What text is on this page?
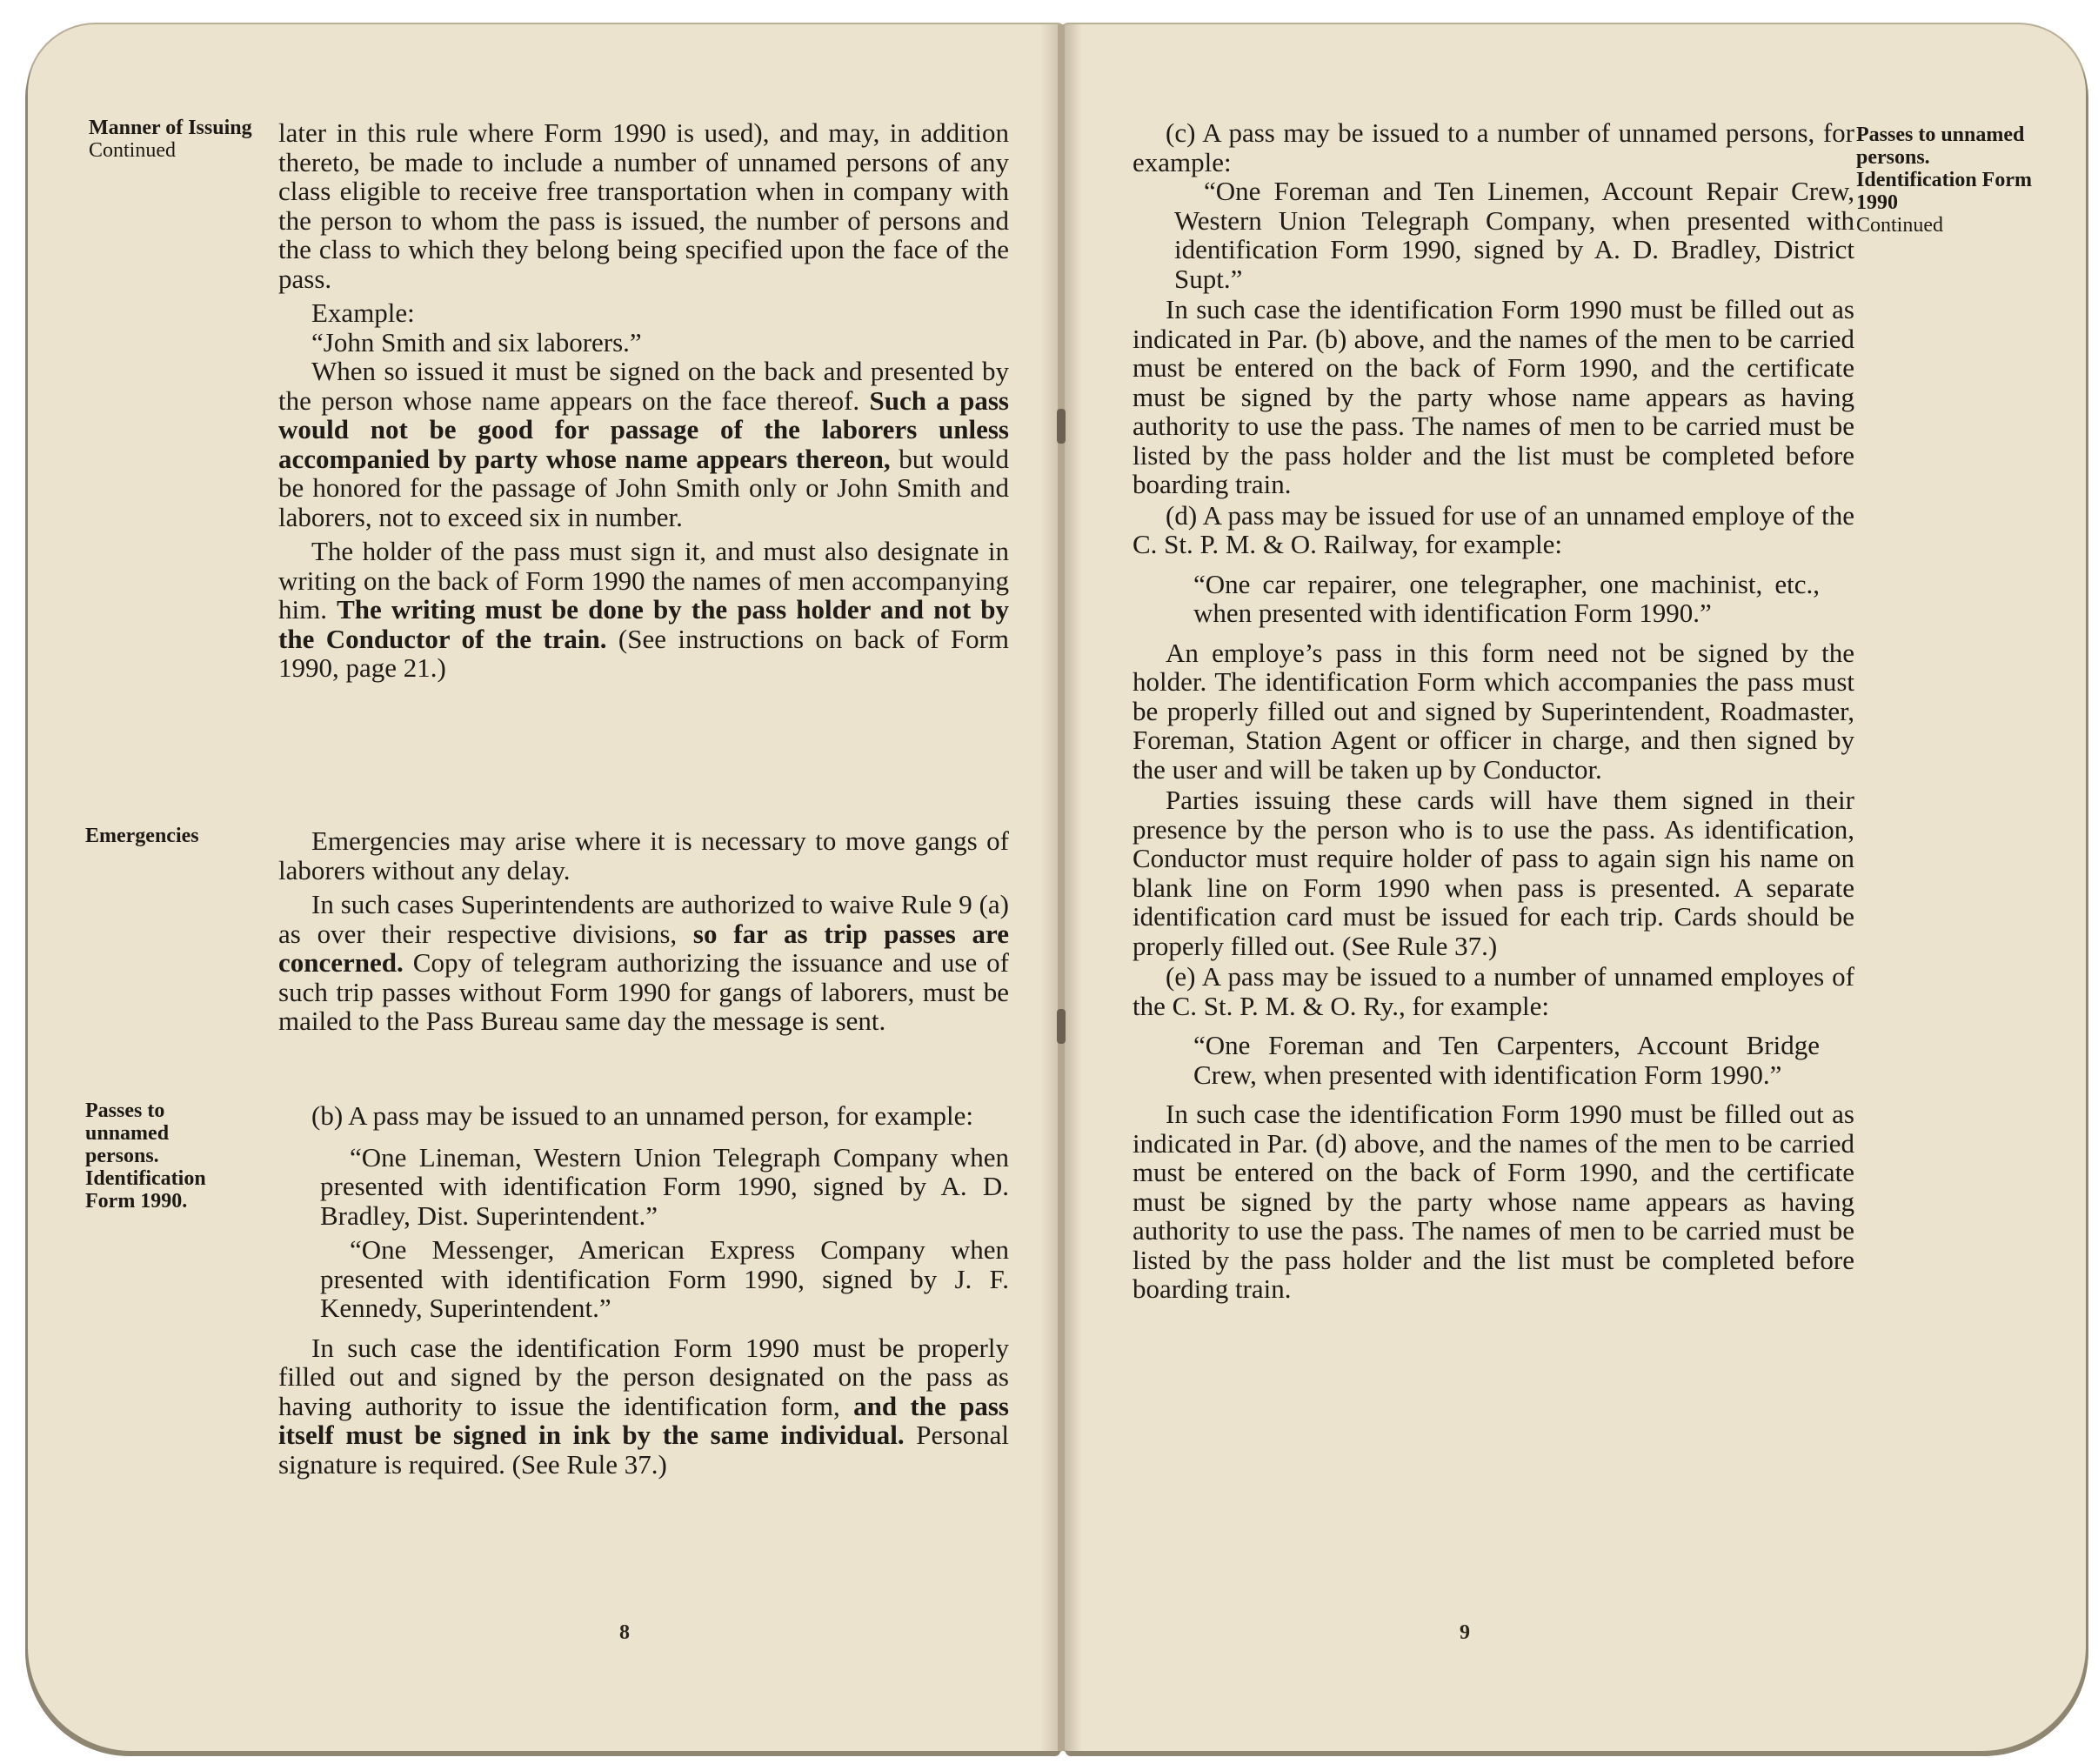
Manner of Issuing
Continued
Emergencies
Passes to unnamed persons. Identification Form 1990.

later in this rule where Form 1990 is used), and may, in addition thereto, be made to include a number of unnamed persons of any class eligible to receive free transportation when in company with the person to whom the pass is issued, the number of persons and the class to which they belong being specified upon the face of the pass.

Example:

“John Smith and six laborers.”

When so issued it must be signed on the back and presented by the person whose name appears on the face thereof. Such a pass would not be good for passage of the laborers unless accompanied by party whose name appears thereon, but would be honored for the passage of John Smith only or John Smith and laborers, not to exceed six in number.

The holder of the pass must sign it, and must also designate in writing on the back of Form 1990 the names of men accompanying him. The writing must be done by the pass holder and not by the Conductor of the train. (See instructions on back of Form 1990, page 21.)

Emergencies may arise where it is necessary to move gangs of laborers without any delay.

In such cases Superintendents are authorized to waive Rule 9 (a) as over their respective divisions, so far as trip passes are concerned. Copy of telegram authorizing the issuance and use of such trip passes without Form 1990 for gangs of laborers, must be mailed to the Pass Bureau same day the message is sent.

(b) A pass may be issued to an unnamed person, for example:

“One Lineman, Western Union Telegraph Company when presented with identification Form 1990, signed by A. D. Bradley, Dist. Superintendent.”

“One Messenger, American Express Company when presented with identification Form 1990, signed by J. F. Kennedy, Superintendent.”

In such case the identification Form 1990 must be properly filled out and signed by the person designated on the pass as having authority to issue the identification form, and the pass itself must be signed in ink by the same individual. Personal signature is required. (See Rule 37.)

8

(c) A pass may be issued to a number of unnamed persons, for example:

“One Foreman and Ten Linemen, Account Repair Crew, Western Union Telegraph Company, when presented with identification Form 1990, signed by A. D. Bradley, District Supt.”

In such case the identification Form 1990 must be filled out as indicated in Par. (b) above, and the names of the men to be carried must be entered on the back of Form 1990, and the certificate must be signed by the party whose name appears as having authority to use the pass. The names of men to be carried must be listed by the pass holder and the list must be completed before boarding train.

(d) A pass may be issued for use of an unnamed employe of the C. St. P. M. & O. Railway, for example:

“One car repairer, one telegrapher, one machinist, etc., when presented with identification Form 1990.”

An employe’s pass in this form need not be signed by the holder. The identification Form which accompanies the pass must be properly filled out and signed by Superintendent, Roadmaster, Foreman, Station Agent or officer in charge, and then signed by the user and will be taken up by Conductor.

Parties issuing these cards will have them signed in their presence by the person who is to use the pass. As identification, Conductor must require holder of pass to again sign his name on blank line on Form 1990 when pass is presented. A separate identification card must be issued for each trip. Cards should be properly filled out. (See Rule 37.)

(e) A pass may be issued to a number of unnamed employes of the C. St. P. M. & O. Ry., for example:

“One Foreman and Ten Carpenters, Account Bridge Crew, when presented with identification Form 1990.”

In such case the identification Form 1990 must be filled out as indicated in Par. (d) above, and the names of the men to be carried must be entered on the back of Form 1990, and the certificate must be signed by the party whose name appears as having authority to use the pass. The names of men to be carried must be listed by the pass holder and the list must be completed before boarding train.

Passes to unnamed persons. Identification Form 1990
Continued
9
